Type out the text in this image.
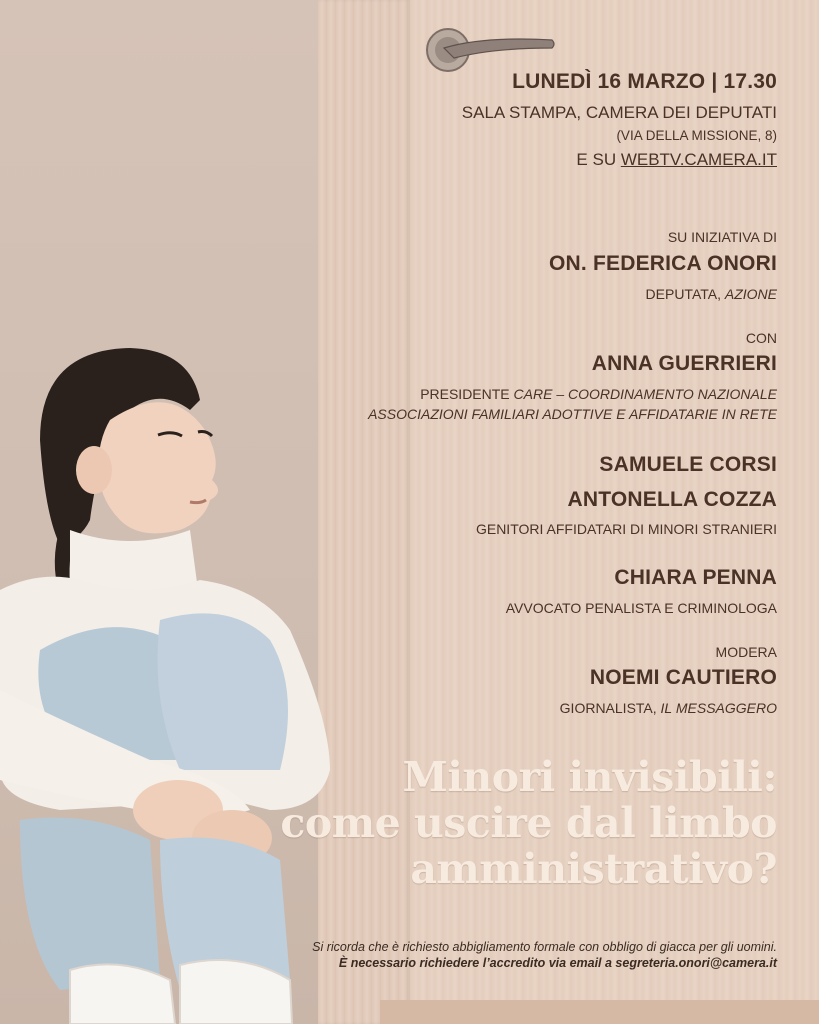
LUNEDÌ 16 MARZO | 17.30
SALA STAMPA, CAMERA DEI DEPUTATI
(VIA DELLA MISSIONE, 8)
E SU WEBTV.CAMERA.IT
SU INIZIATIVA DI
ON. FEDERICA ONORI
DEPUTATA, AZIONE
CON
ANNA GUERRIERI
PRESIDENTE CARE – COORDINAMENTO NAZIONALE
ASSOCIAZIONI FAMILIARI ADOTTIVE E AFFIDATARIE IN RETE
SAMUELE CORSI
ANTONELLA COZZA
GENITORI AFFIDATARI DI MINORI STRANIERI
CHIARA PENNA
AVVOCATO PENALISTA E CRIMINOLOGA
MODERA
NOEMI CAUTIERO
GIORNALISTA, IL MESSAGGERO
Minori invisibili:
come uscire dal limbo
amministrativo?
Si ricorda che è richiesto abbigliamento formale con obbligo di giacca per gli uomini.
È necessario richiedere l’accredito via email a segreteria.onori@camera.it
